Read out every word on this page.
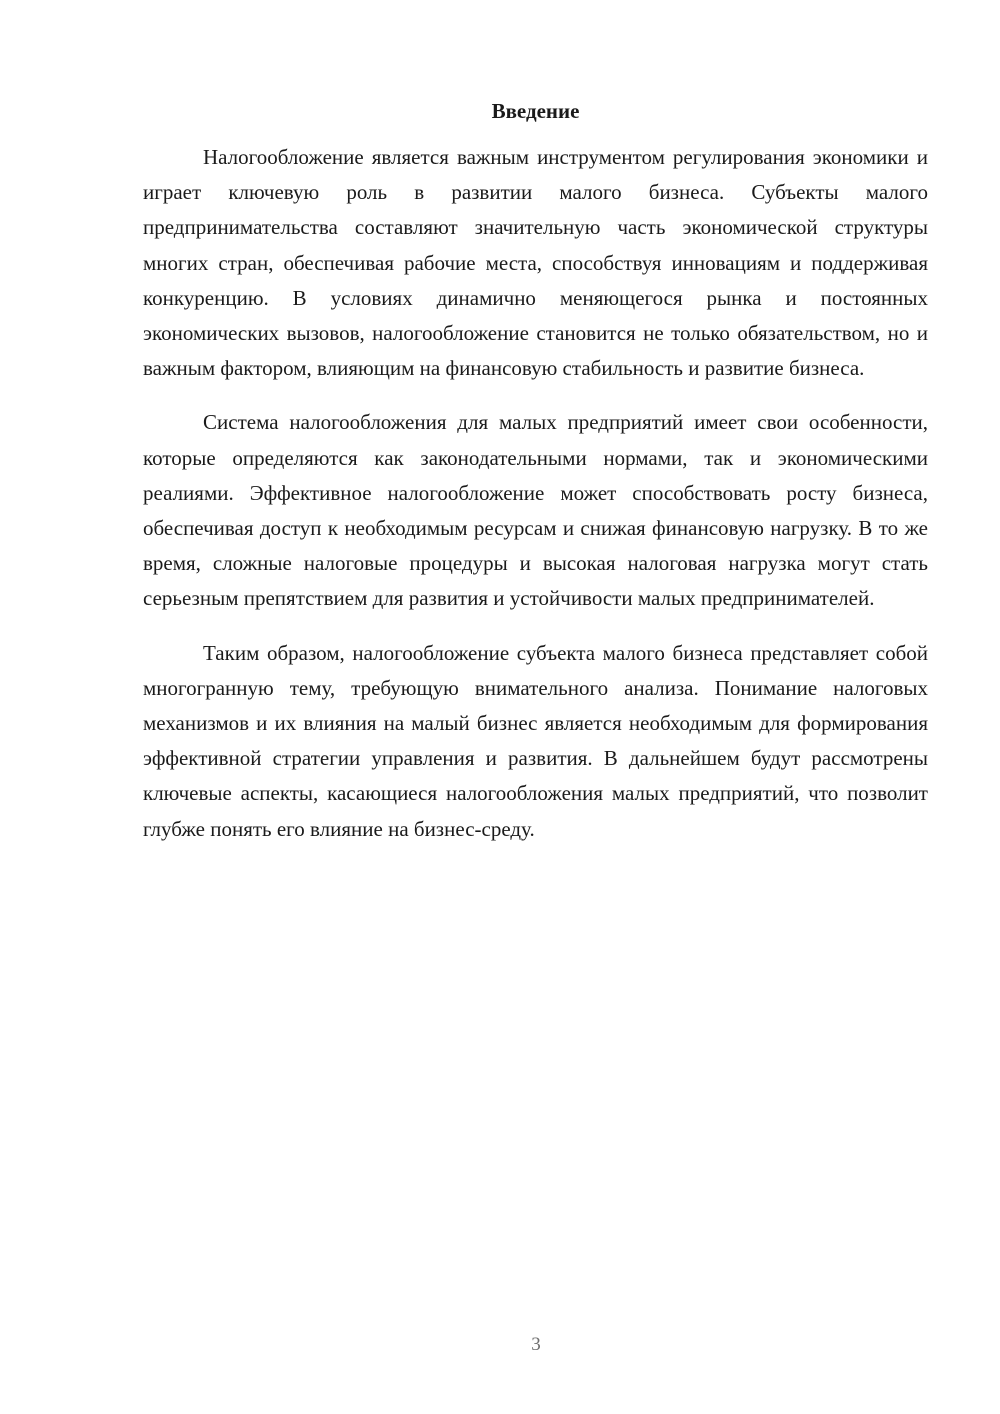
Введение

Налогообложение является важным инструментом регулирования экономики и играет ключевую роль в развитии малого бизнеса. Субъекты малого предпринимательства составляют значительную часть экономической структуры многих стран, обеспечивая рабочие места, способствуя инновациям и поддерживая конкуренцию. В условиях динамично меняющегося рынка и постоянных экономических вызовов, налогообложение становится не только обязательством, но и важным фактором, влияющим на финансовую стабильность и развитие бизнеса.

Система налогообложения для малых предприятий имеет свои особенности, которые определяются как законодательными нормами, так и экономическими реалиями. Эффективное налогообложение может способствовать росту бизнеса, обеспечивая доступ к необходимым ресурсам и снижая финансовую нагрузку. В то же время, сложные налоговые процедуры и высокая налоговая нагрузка могут стать серьезным препятствием для развития и устойчивости малых предпринимателей.

Таким образом, налогообложение субъекта малого бизнеса представляет собой многогранную тему, требующую внимательного анализа. Понимание налоговых механизмов и их влияния на малый бизнес является необходимым для формирования эффективной стратегии управления и развития. В дальнейшем будут рассмотрены ключевые аспекты, касающиеся налогообложения малых предприятий, что позволит глубже понять его влияние на бизнес-среду.

3
